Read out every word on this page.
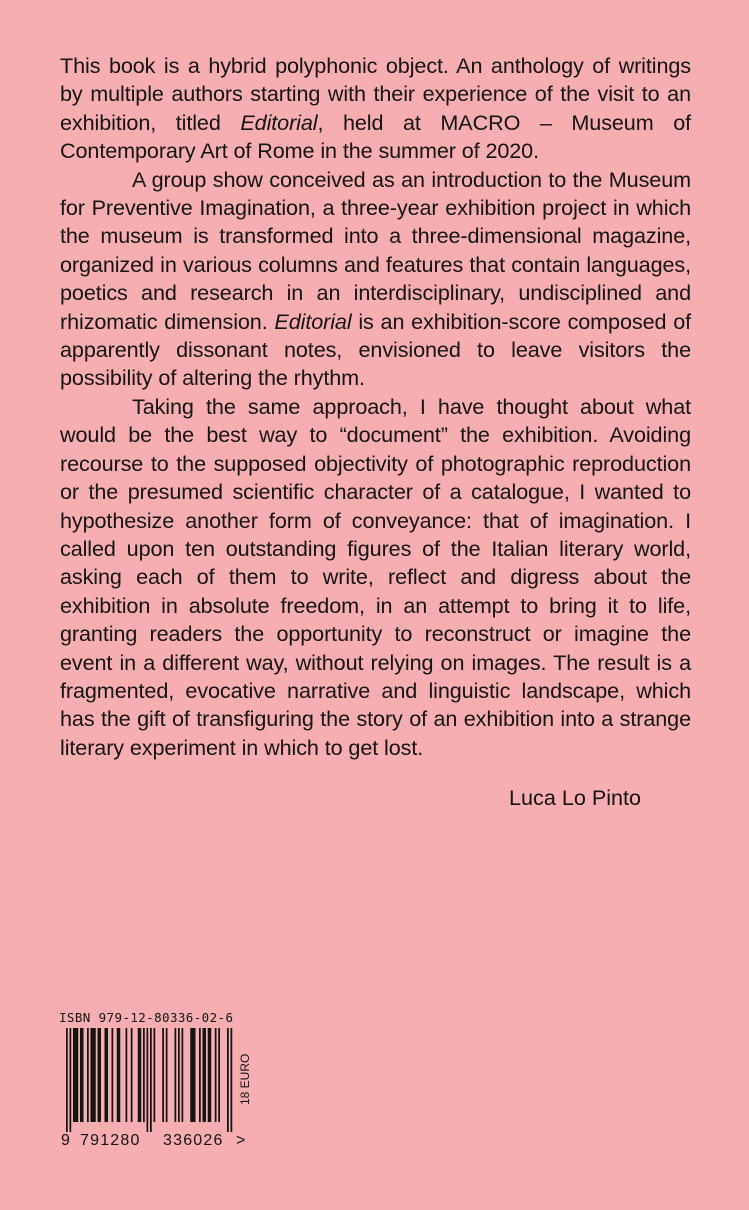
This book is a hybrid polyphonic object. An anthology of writings by multiple authors starting with their experience of the visit to an exhibition, titled Editorial, held at MACRO – Museum of Contemporary Art of Rome in the summer of 2020.

A group show conceived as an introduction to the Museum for Preventive Imagination, a three-year exhibition project in which the museum is transformed into a three-dimensional magazine, organized in various columns and features that contain languages, poetics and research in an interdisciplinary, undisciplined and rhizomatic dimension. Editorial is an exhibition-score composed of apparently dissonant notes, envisioned to leave visitors the possibility of altering the rhythm.

Taking the same approach, I have thought about what would be the best way to “document” the exhibition. Avoiding recourse to the supposed objectivity of photographic reproduction or the presumed scientific character of a catalogue, I wanted to hypothesize another form of conveyance: that of imagination. I called upon ten outstanding figures of the Italian literary world, asking each of them to write, reflect and digress about the exhibition in absolute freedom, in an attempt to bring it to life, granting readers the opportunity to reconstruct or imagine the event in a different way, without relying on images. The result is a fragmented, evocative narrative and linguistic landscape, which has the gift of transfiguring the story of an exhibition into a strange literary experiment in which to get lost.

Luca Lo Pinto
ISBN 979-12-80336-02-6
18 EURO
9 791280 336026 >
